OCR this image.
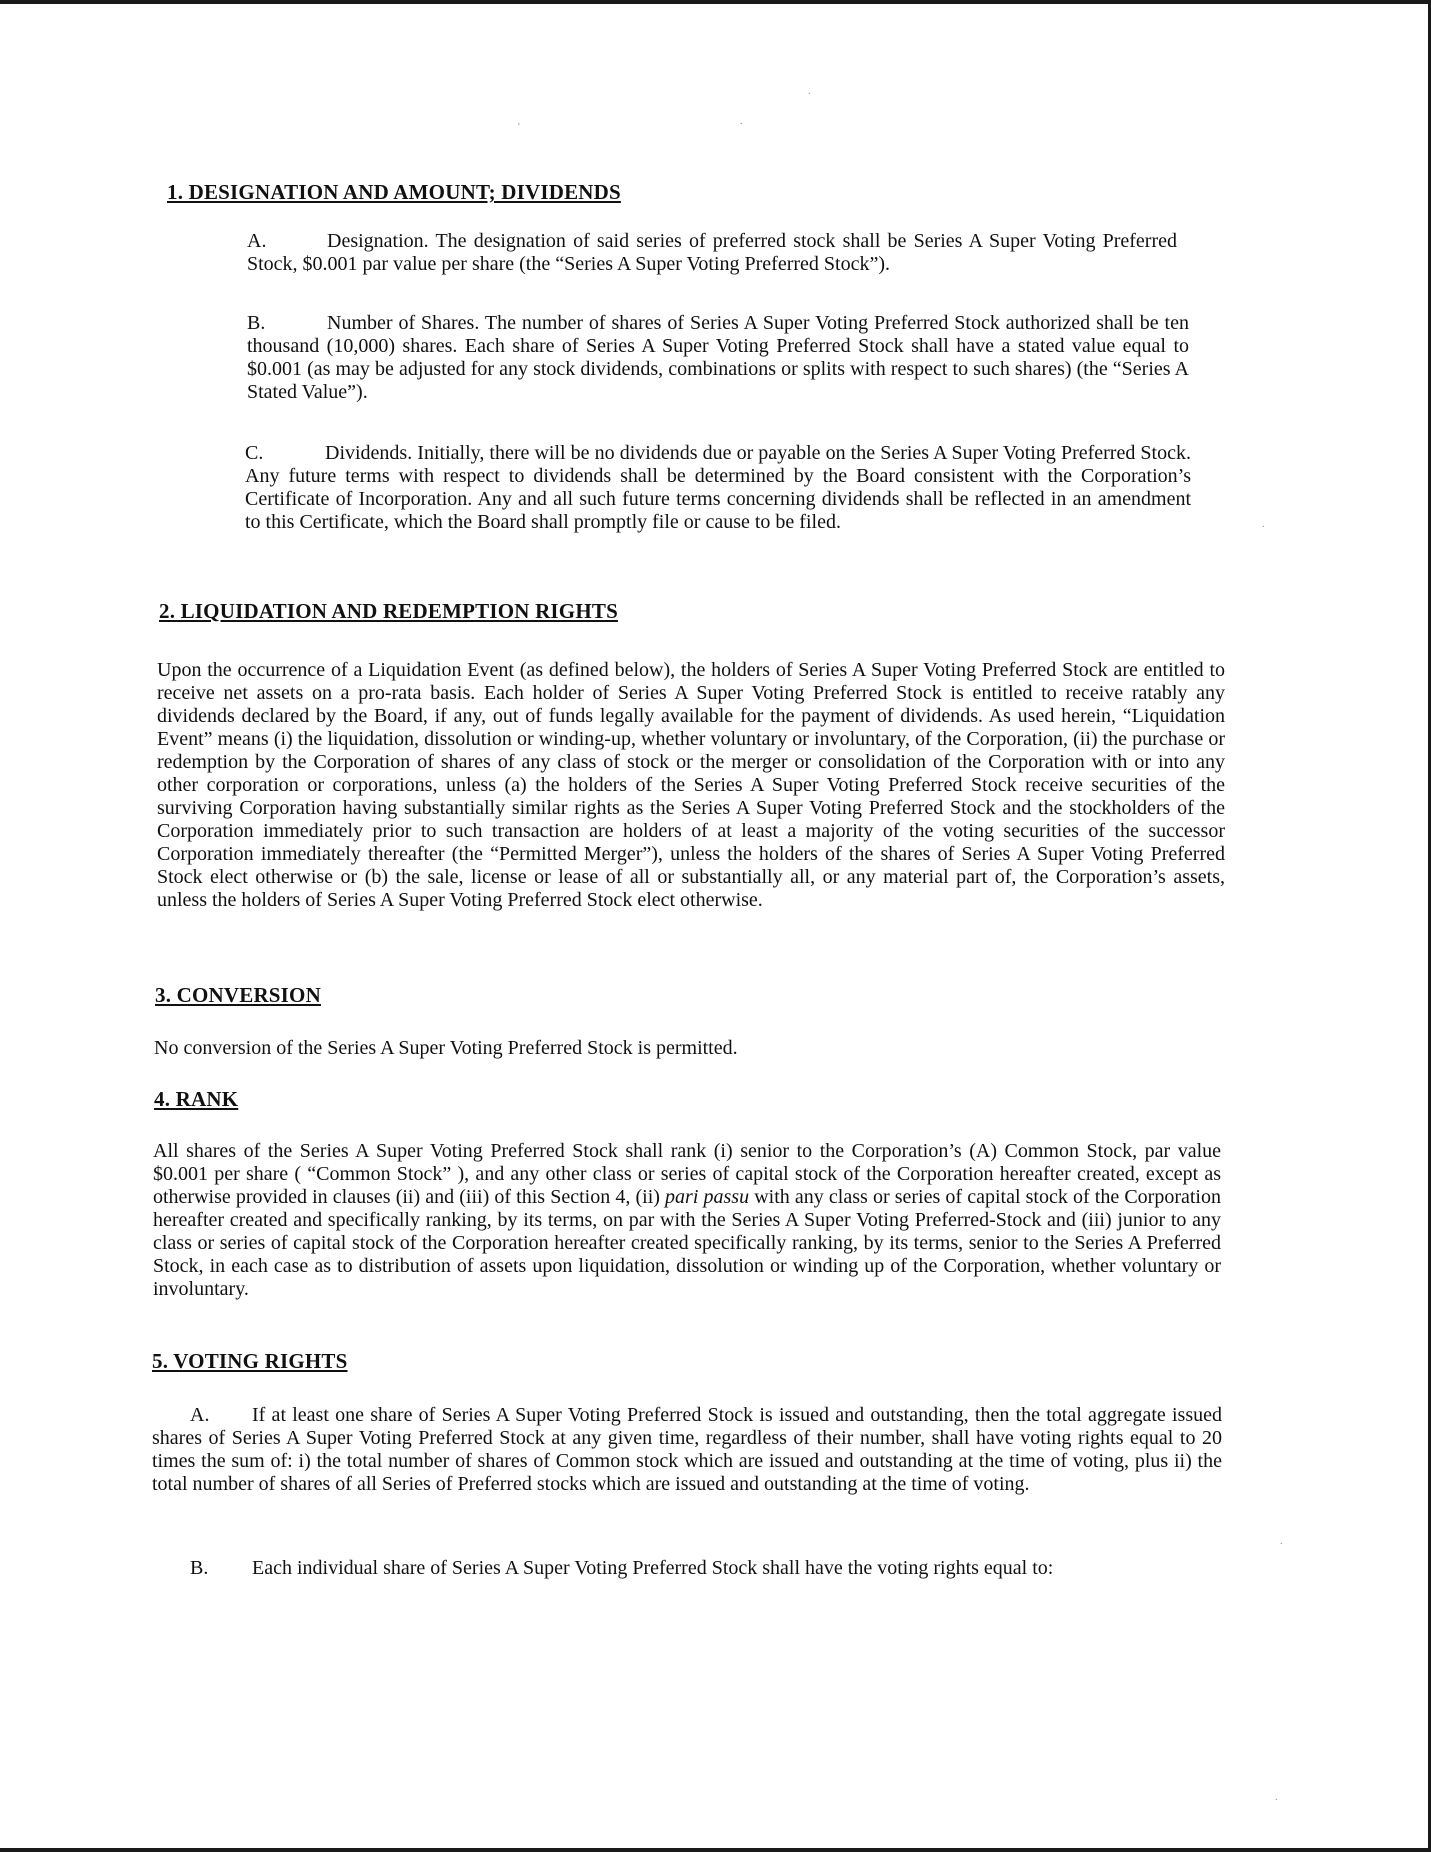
1. DESIGNATION AND AMOUNT; DIVIDENDS
A.	Designation. The designation of said series of preferred stock shall be Series A Super Voting Preferred Stock, $0.001 par value per share (the “Series A Super Voting Preferred Stock”).
B.	Number of Shares. The number of shares of Series A Super Voting Preferred Stock authorized shall be ten thousand (10,000) shares. Each share of Series A Super Voting Preferred Stock shall have a stated value equal to $0.001 (as may be adjusted for any stock dividends, combinations or splits with respect to such shares) (the “Series A Stated Value”).
C.	Dividends. Initially, there will be no dividends due or payable on the Series A Super Voting Preferred Stock. Any future terms with respect to dividends shall be determined by the Board consistent with the Corporation’s Certificate of Incorporation. Any and all such future terms concerning dividends shall be reflected in an amendment to this Certificate, which the Board shall promptly file or cause to be filed.
2. LIQUIDATION AND REDEMPTION RIGHTS
Upon the occurrence of a Liquidation Event (as defined below), the holders of Series A Super Voting Preferred Stock are entitled to receive net assets on a pro-rata basis. Each holder of Series A Super Voting Preferred Stock is entitled to receive ratably any dividends declared by the Board, if any, out of funds legally available for the payment of dividends. As used herein, “Liquidation Event” means (i) the liquidation, dissolution or winding-up, whether voluntary or involuntary, of the Corporation, (ii) the purchase or redemption by the Corporation of shares of any class of stock or the merger or consolidation of the Corporation with or into any other corporation or corporations, unless (a) the holders of the Series A Super Voting Preferred Stock receive securities of the surviving Corporation having substantially similar rights as the Series A Super Voting Preferred Stock and the stockholders of the Corporation immediately prior to such transaction are holders of at least a majority of the voting securities of the successor Corporation immediately thereafter (the “Permitted Merger”), unless the holders of the shares of Series A Super Voting Preferred Stock elect otherwise or (b) the sale, license or lease of all or substantially all, or any material part of, the Corporation’s assets, unless the holders of Series A Super Voting Preferred Stock elect otherwise.
3. CONVERSION
No conversion of the Series A Super Voting Preferred Stock is permitted.
4. RANK
All shares of the Series A Super Voting Preferred Stock shall rank (i) senior to the Corporation’s (A) Common Stock, par value $0.001 per share ( “Common Stock” ), and any other class or series of capital stock of the Corporation hereafter created, except as otherwise provided in clauses (ii) and (iii) of this Section 4, (ii) pari passu with any class or series of capital stock of the Corporation hereafter created and specifically ranking, by its terms, on par with the Series A Super Voting Preferred-Stock and (iii) junior to any class or series of capital stock of the Corporation hereafter created specifically ranking, by its terms, senior to the Series A Preferred Stock, in each case as to distribution of assets upon liquidation, dissolution or winding up of the Corporation, whether voluntary or involuntary.
5. VOTING RIGHTS
A. If at least one share of Series A Super Voting Preferred Stock is issued and outstanding, then the total aggregate issued shares of Series A Super Voting Preferred Stock at any given time, regardless of their number, shall have voting rights equal to 20 times the sum of: i) the total number of shares of Common stock which are issued and outstanding at the time of voting, plus ii) the total number of shares of all Series of Preferred stocks which are issued and outstanding at the time of voting.
B. Each individual share of Series A Super Voting Preferred Stock shall have the voting rights equal to:
'
.
.
.
.
.
